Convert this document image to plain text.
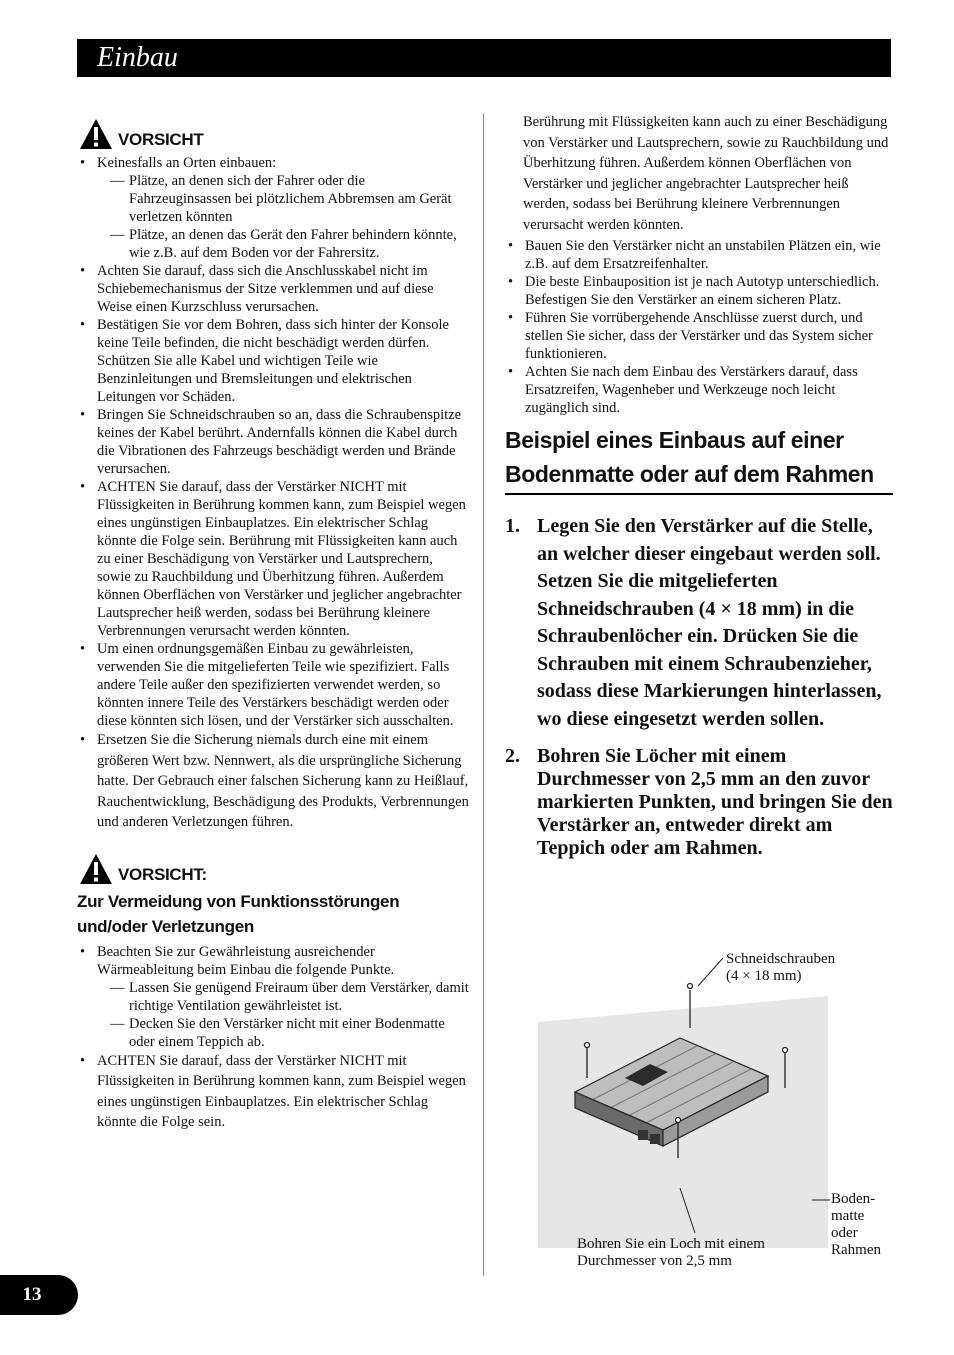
Einbau
VORSICHT
• Keinesfalls an Orten einbauen:
— Plätze, an denen sich der Fahrer oder die Fahrzeuginsassen bei plötzlichem Abbremsen am Gerät verletzen könnten
— Plätze, an denen das Gerät den Fahrer behindern könnte, wie z.B. auf dem Boden vor der Fahrersitz.
• Achten Sie darauf, dass sich die Anschlusskabel nicht im Schiebemechanismus der Sitze verklemmen und auf diese Weise einen Kurzschluss verursachen.
• Bestätigen Sie vor dem Bohren, dass sich hinter der Konsole keine Teile befinden, die nicht beschädigt werden dürfen. Schützen Sie alle Kabel und wichtigen Teile wie Benzinleitungen und Bremsleitungen und elektrischen Leitungen vor Schäden.
• Bringen Sie Schneidschrauben so an, dass die Schraubenspitze keines der Kabel berührt. Andernfalls können die Kabel durch die Vibrationen des Fahrzeugs beschädigt werden und Brände verursachen.
• ACHTEN Sie darauf, dass der Verstärker NICHT mit Flüssigkeiten in Berührung kommen kann, zum Beispiel wegen eines ungünstigen Einbauplatzes. Ein elektrischer Schlag könnte die Folge sein. Berührung mit Flüssigkeiten kann auch zu einer Beschädigung von Verstärker und Lautsprechern, sowie zu Rauchbildung und Überhitzung führen. Außerdem können Oberflächen von Verstärker und jeglicher angebrachter Lautsprecher heiß werden, sodass bei Berührung kleinere Verbrennungen verursacht werden könnten.
• Um einen ordnungsgemäßen Einbau zu gewährleisten, verwenden Sie die mitgelieferten Teile wie spezifiziert. Falls andere Teile außer den spezifizierten verwendet werden, so könnten innere Teile des Verstärkers beschädigt werden oder diese könnten sich lösen, und der Verstärker sich ausschalten.
• Ersetzen Sie die Sicherung niemals durch eine mit einem größeren Wert bzw. Nennwert, als die ursprüngliche Sicherung hatte. Der Gebrauch einer falschen Sicherung kann zu Heißlauf, Rauchentwicklung, Beschädigung des Produkts, Verbrennungen und anderen Verletzungen führen.
VORSICHT:
Zur Vermeidung von Funktionsstörungen und/oder Verletzungen
• Beachten Sie zur Gewährleistung ausreichender Wärmeableitung beim Einbau die folgende Punkte.
— Lassen Sie genügend Freiraum über dem Verstärker, damit richtige Ventilation gewährleistet ist.
— Decken Sie den Verstärker nicht mit einer Bodenmatte oder einem Teppich ab.
• ACHTEN Sie darauf, dass der Verstärker NICHT mit Flüssigkeiten in Berührung kommen kann, zum Beispiel wegen eines ungünstigen Einbauplatzes. Ein elektrischer Schlag könnte die Folge sein.

Berührung mit Flüssigkeiten kann auch zu einer Beschädigung von Verstärker und Lautsprechern, sowie zu Rauchbildung und Überhitzung führen. Außerdem können Oberflächen von Verstärker und jeglicher angebrachter Lautsprecher heiß werden, sodass bei Berührung kleinere Verbrennungen verursacht werden könnten.

• Bauen Sie den Verstärker nicht an unstabilen Plätzen ein, wie z.B. auf dem Ersatzreifenhalter.
• Die beste Einbauposition ist je nach Autotyp unterschiedlich. Befestigen Sie den Verstärker an einem sicheren Platz.
• Führen Sie vorrübergehende Anschlüsse zuerst durch, und stellen Sie sicher, dass der Verstärker und das System sicher funktionieren.
• Achten Sie nach dem Einbau des Verstärkers darauf, dass Ersatzreifen, Wagenheber und Werkzeuge noch leicht zugänglich sind.
Beispiel eines Einbaus auf einer Bodenmatte oder auf dem Rahmen
1. Legen Sie den Verstärker auf die Stelle, an welcher dieser eingebaut werden soll. Setzen Sie die mitgelieferten Schneidschrauben (4 × 18 mm) in die Schraubenlöcher ein. Drücken Sie die Schrauben mit einem Schraubenzieher, sodass diese Markierungen hinterlassen, wo diese eingesetzt werden sollen.
2. Bohren Sie Löcher mit einem Durchmesser von 2,5 mm an den zuvor markierten Punkten, und bringen Sie den Verstärker an, entweder direkt am Teppich oder am Rahmen.
Schneidschrauben
(4 × 18 mm)
Boden-
matte
oder
Rahmen
Bohren Sie ein Loch mit einem
Durchmesser von 2,5 mm
13
